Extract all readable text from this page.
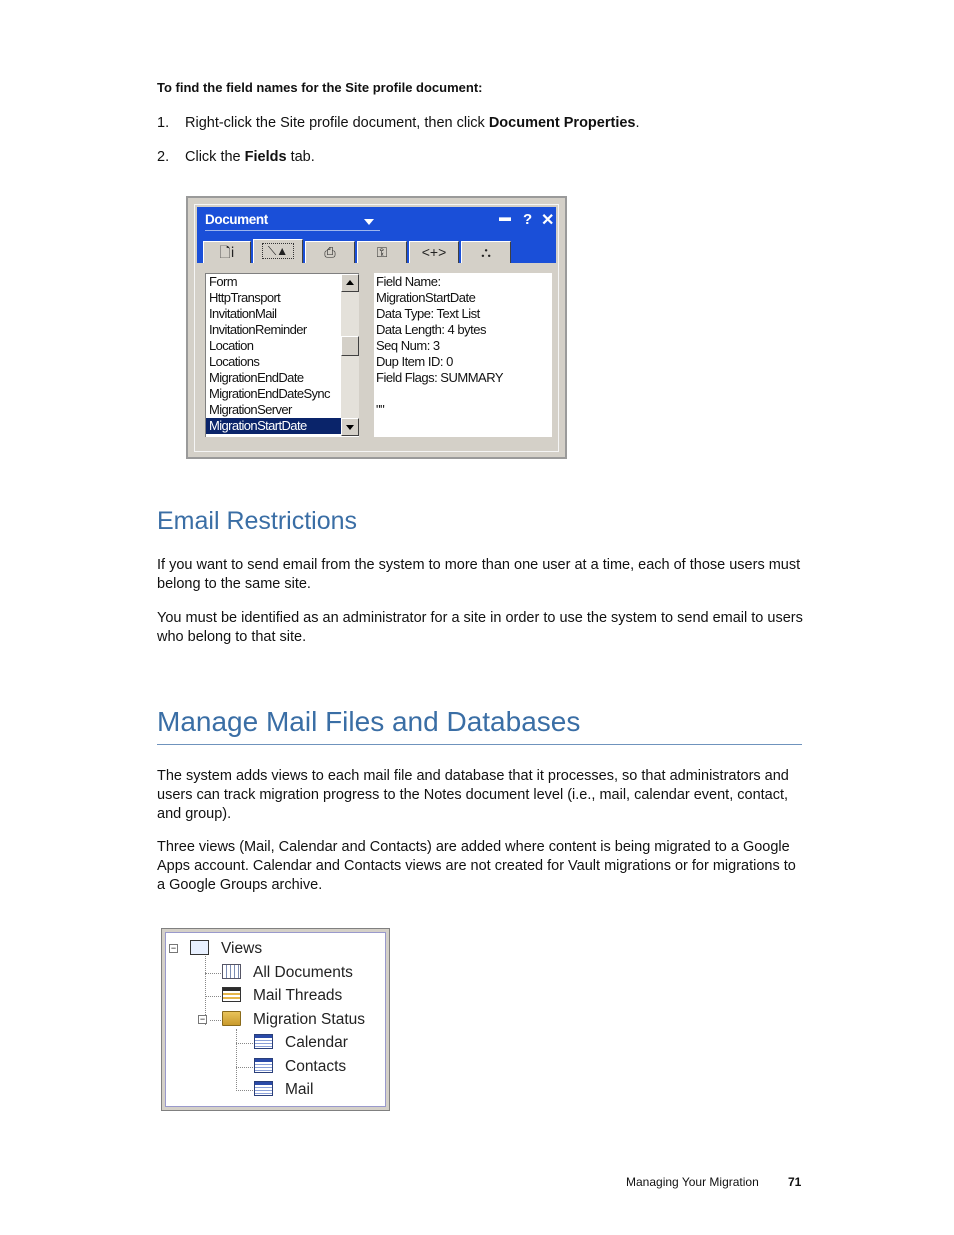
To find the field names for the Site profile document:
1. Right-click the Site profile document, then click Document Properties.
2. Click the Fields tab.
Document	▬ ? ✕
🗋ⅰ	⟍▲	⎙	⚿	<+>	⛬
Form
HttpTransport
InvitationMail
InvitationReminder
Location
Locations
MigrationEndDate
MigrationEndDateSync
MigrationServer
MigrationStartDate
Field Name:
MigrationStartDate
Data Type: Text List
Data Length: 4 bytes
Seq Num: 3
Dup Item ID: 0
Field Flags: SUMMARY
""
Email Restrictions
If you want to send email from the system to more than one user at a time, each of those users must belong to the same site.
You must be identified as an administrator for a site in order to use the system to send email to users who belong to that site.
Manage Mail Files and Databases
The system adds views to each mail file and database that it processes, so that administrators and users can track migration progress to the Notes document level (i.e., mail, calendar event, contact, and group).
Three views (Mail, Calendar and Contacts) are added where content is being migrated to a Google Apps account. Calendar and Contacts views are not created for Vault migrations or for migrations to a Google Groups archive.
−	Views
All Documents
Mail Threads
−	Migration Status
Calendar
Contacts
Mail
Managing Your Migration 71
